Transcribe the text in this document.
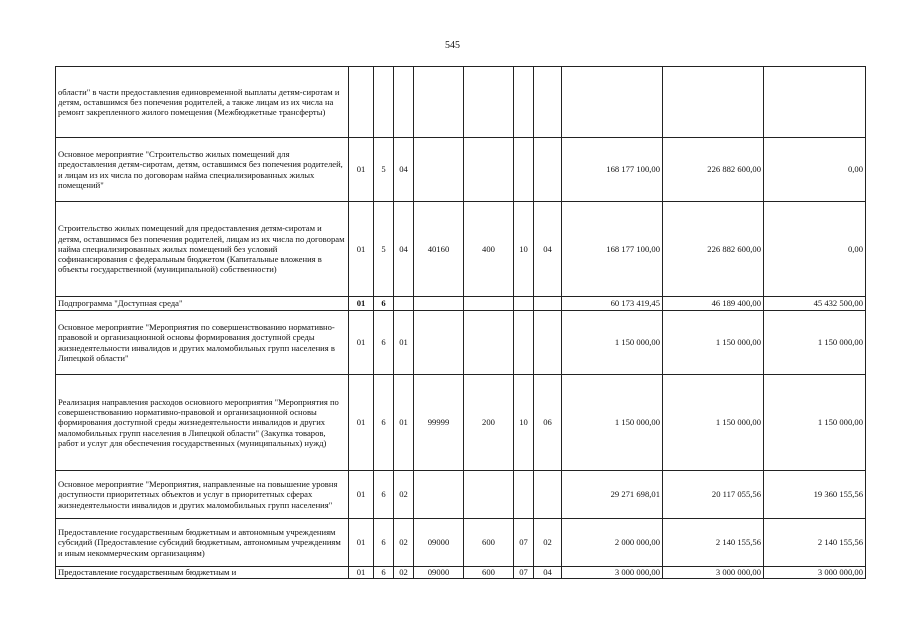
545
области" в части предоставления единовременной выплаты детям-сиротам и детям, оставшимся без попечения родителей, а также лицам из их числа на ремонт закрепленного жилого помещения (Межбюджетные трансферты)										
Основное мероприятие "Строительство жилых помещений для предоставления детям-сиротам, детям, оставшимся без попечения родителей, и лицам из их числа по договорам найма специализированных жилых помещений"	01	5	04					168 177 100,00	226 882 600,00	0,00
Строительство жилых помещений для предоставления детям-сиротам и детям, оставшимся без попечения родителей, лицам из их числа по договорам найма специализированных жилых помещений без условий софинансирования с федеральным бюджетом (Капитальные вложения в объекты государственной (муниципальной) собственности)	01	5	04	40160	400	10	04	168 177 100,00	226 882 600,00	0,00
Подпрограмма "Доступная среда"	01	6						60 173 419,45	46 189 400,00	45 432 500,00
Основное мероприятие "Мероприятия по совершенствованию нормативно-правовой и организационной основы формирования доступной среды жизнедеятельности инвалидов и других маломобильных групп населения в Липецкой области"	01	6	01					1 150 000,00	1 150 000,00	1 150 000,00
Реализация направления расходов основного мероприятия "Мероприятия по совершенствованию нормативно-правовой и организационной основы формирования доступной среды жизнедеятельности инвалидов и других маломобильных групп населения в Липецкой области" (Закупка товаров, работ и услуг для обеспечения государственных (муниципальных) нужд)	01	6	01	99999	200	10	06	1 150 000,00	1 150 000,00	1 150 000,00
Основное мероприятие "Мероприятия, направленные на повышение уровня доступности приоритетных объектов и услуг в приоритетных сферах жизнедеятельности инвалидов и других маломобильных групп населения"	01	6	02					29 271 698,01	20 117 055,56	19 360 155,56
Предоставление государственным бюджетным и автономным учреждениям субсидий (Предоставление субсидий бюджетным, автономным учреждениям и иным некоммерческим организациям)	01	6	02	09000	600	07	02	2 000 000,00	2 140 155,56	2 140 155,56
Предоставление государственным бюджетным и	01	6	02	09000	600	07	04	3 000 000,00	3 000 000,00	3 000 000,00
